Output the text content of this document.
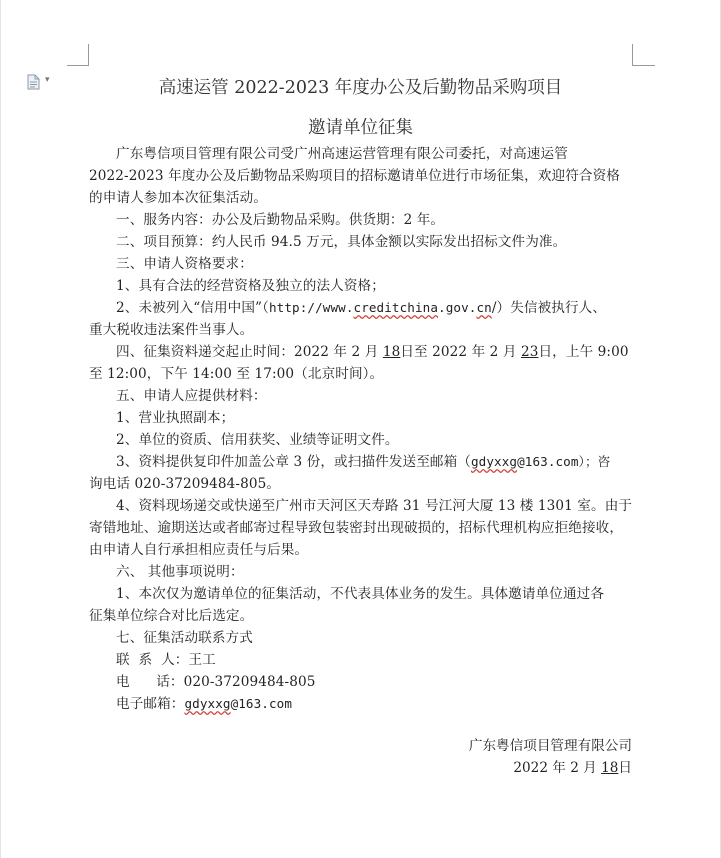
▾	高速运管 2022-2023 年度办公及后勤物品采购项目
邀请单位征集
广东粤信项目管理有限公司受广州高速运营管理有限公司委托，对高速运管
2022-2023 年度办公及后勤物品采购项目的招标邀请单位进行市场征集，欢迎符合资格
的申请人参加本次征集活动。
一、服务内容：办公及后勤物品采购。供货期：2 年。
二、项目预算：约人民币 94.5 万元，具体金额以实际发出招标文件为准。
三、申请人资格要求：
1、具有合法的经营资格及独立的法人资格；
2、未被列入“信用中国”（http://www.creditchina.gov.cn/）失信被执行人、
重大税收违法案件当事人。
四、征集资料递交起止时间：2022 年 2 月 18日至 2022 年 2 月 23日，上午 9:00
至 12:00，下午 14:00 至 17:00（北京时间）。
五、申请人应提供材料：
1、营业执照副本；
2、单位的资质、信用获奖、业绩等证明文件。
3、资料提供复印件加盖公章 3 份，或扫描件发送至邮箱（gdyxxg@163.com）；咨
询电话 020-37209484-805。
4、资料现场递交或快递至广州市天河区天寿路 31 号江河大厦 13 楼 1301 室。由于
寄错地址、逾期送达或者邮寄过程导致包装密封出现破损的，招标代理机构应拒绝接收，
由申请人自行承担相应责任与后果。
六、 其他事项说明：
1、本次仅为邀请单位的征集活动，不代表具体业务的发生。具体邀请单位通过各
征集单位综合对比后选定。
七、征集活动联系方式
联  系  人：王工
电      话：020-37209484-805
电子邮箱：gdyxxg@163.com
广东粤信项目管理有限公司
2022 年 2 月 18日
